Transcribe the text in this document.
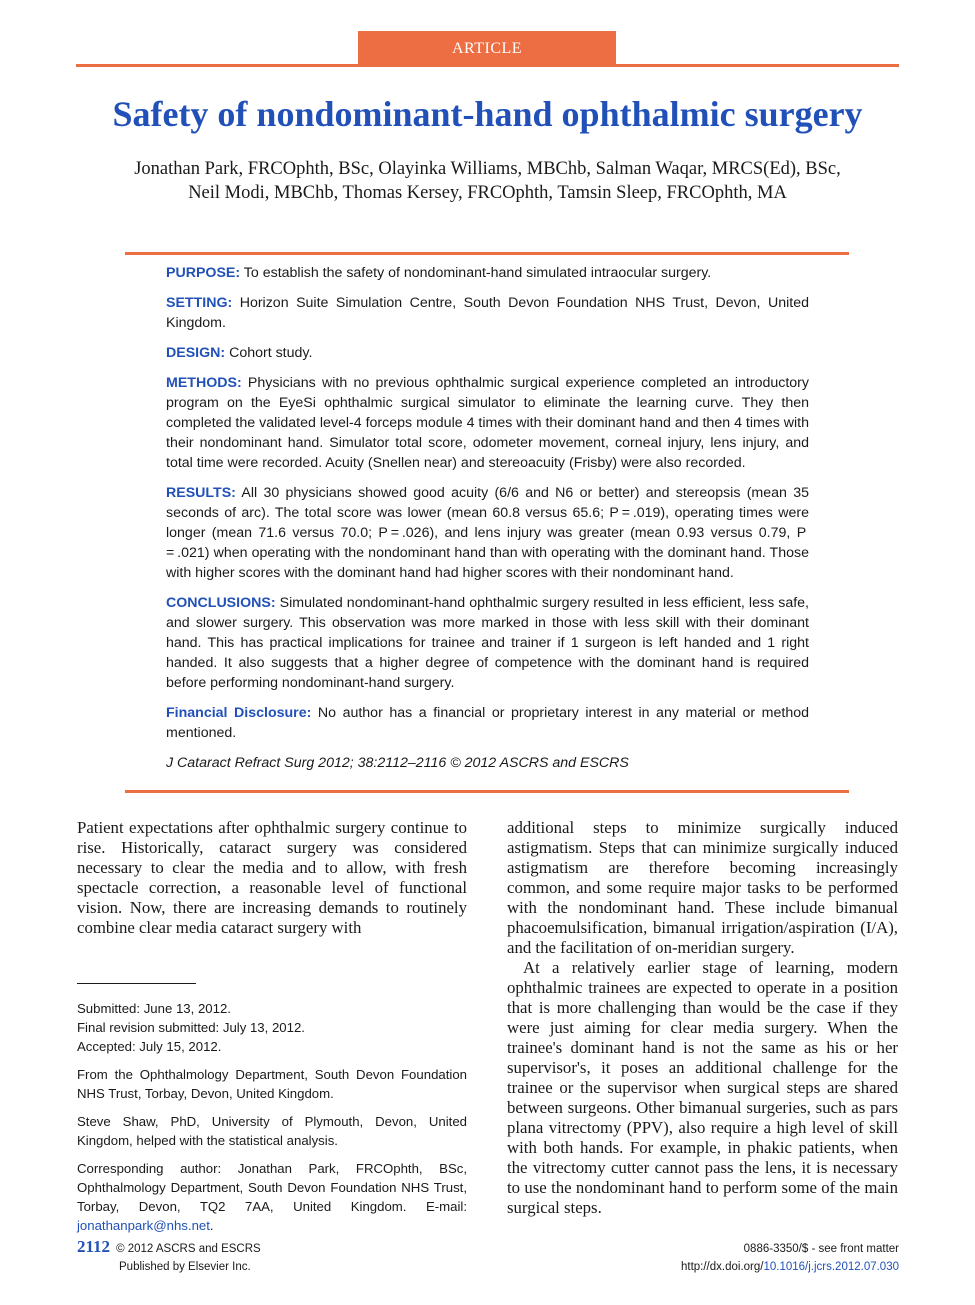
ARTICLE
Safety of nondominant-hand ophthalmic surgery
Jonathan Park, FRCOphth, BSc, Olayinka Williams, MBChb, Salman Waqar, MRCS(Ed), BSc,
Neil Modi, MBChb, Thomas Kersey, FRCOphth, Tamsin Sleep, FRCOphth, MA

PURPOSE: To establish the safety of nondominant-hand simulated intraocular surgery.

SETTING: Horizon Suite Simulation Centre, South Devon Foundation NHS Trust, Devon, United Kingdom.

DESIGN: Cohort study.

METHODS: Physicians with no previous ophthalmic surgical experience completed an introductory program on the EyeSi ophthalmic surgical simulator to eliminate the learning curve. They then completed the validated level-4 forceps module 4 times with their dominant hand and then 4 times with their nondominant hand. Simulator total score, odometer movement, corneal injury, lens injury, and total time were recorded. Acuity (Snellen near) and stereoacuity (Frisby) were also recorded.

RESULTS: All 30 physicians showed good acuity (6/6 and N6 or better) and stereopsis (mean 35 seconds of arc). The total score was lower (mean 60.8 versus 65.6; P = .019), operating times were longer (mean 71.6 versus 70.0; P = .026), and lens injury was greater (mean 0.93 versus 0.79, P = .021) when operating with the nondominant hand than with operating with the dominant hand. Those with higher scores with the dominant hand had higher scores with their nondominant hand.

CONCLUSIONS: Simulated nondominant-hand ophthalmic surgery resulted in less efficient, less safe, and slower surgery. This observation was more marked in those with less skill with their dominant hand. This has practical implications for trainee and trainer if 1 surgeon is left handed and 1 right handed. It also suggests that a higher degree of competence with the dominant hand is required before performing nondominant-hand surgery.

Financial Disclosure: No author has a financial or proprietary interest in any material or method mentioned.

J Cataract Refract Surg 2012; 38:2112–2116 © 2012 ASCRS and ESCRS

Patient expectations after ophthalmic surgery continue to rise. Historically, cataract surgery was considered necessary to clear the media and to allow, with fresh spectacle correction, a reasonable level of functional vision. Now, there are increasing demands to routinely combine clear media cataract surgery with

Submitted: June 13, 2012.
Final revision submitted: July 13, 2012.
Accepted: July 15, 2012.

From the Ophthalmology Department, South Devon Foundation NHS Trust, Torbay, Devon, United Kingdom.

Steve Shaw, PhD, University of Plymouth, Devon, United Kingdom, helped with the statistical analysis.

Corresponding author: Jonathan Park, FRCOphth, BSc, Ophthalmology Department, South Devon Foundation NHS Trust, Torbay, Devon, TQ2 7AA, United Kingdom. E-mail: jonathanpark@nhs.net.

additional steps to minimize surgically induced astigmatism. Steps that can minimize surgically induced astigmatism are therefore becoming increasingly common, and some require major tasks to be performed with the nondominant hand. These include bimanual phacoemulsification, bimanual irrigation/aspiration (I/A), and the facilitation of on-meridian surgery.

At a relatively earlier stage of learning, modern ophthalmic trainees are expected to operate in a position that is more challenging than would be the case if they were just aiming for clear media surgery. When the trainee's dominant hand is not the same as his or her supervisor's, it poses an additional challenge for the trainee or the supervisor when surgical steps are shared between surgeons. Other bimanual surgeries, such as pars plana vitrectomy (PPV), also require a high level of skill with both hands. For example, in phakic patients, when the vitrectomy cutter cannot pass the lens, it is necessary to use the nondominant hand to perform some of the main surgical steps.

2112 © 2012 ASCRS and ESCRS
Published by Elsevier Inc.
0886-3350/$ - see front matter
http://dx.doi.org/10.1016/j.jcrs.2012.07.030
